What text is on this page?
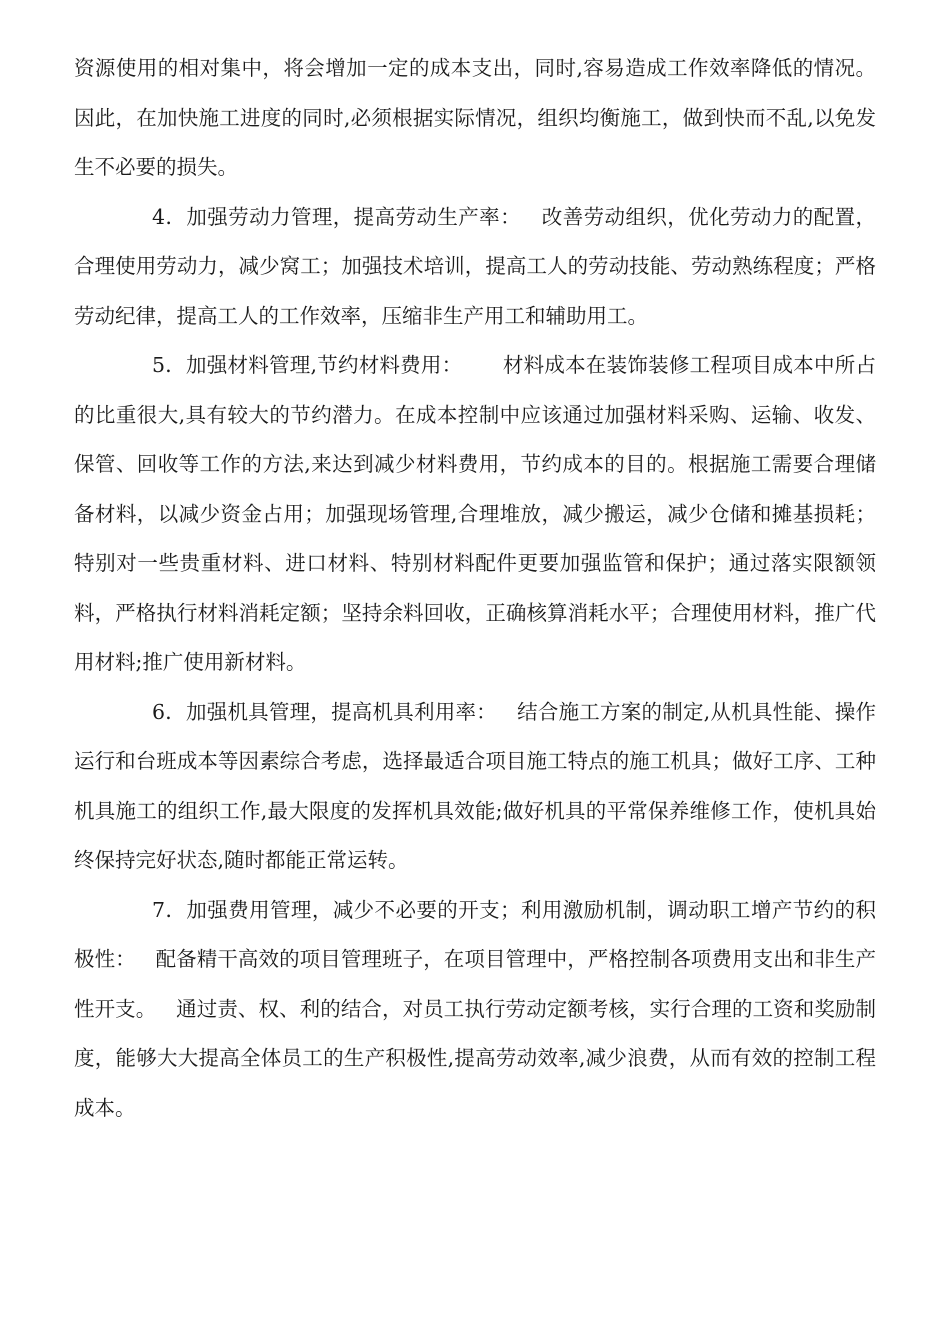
资源使用的相对集中，将会增加一定的成本支出，同时,容易造成工作效率降低的情况。因此，在加快施工进度的同时,必须根据实际情况，组织均衡施工，做到快而不乱,以免发生不必要的损失。

4．加强劳动力管理，提高劳动生产率：   改善劳动组织，优化劳动力的配置，合理使用劳动力，减少窝工；加强技术培训，提高工人的劳动技能、劳动熟练程度；严格劳动纪律，提高工人的工作效率，压缩非生产用工和辅助用工。

5．加强材料管理,节约材料费用：      材料成本在装饰装修工程项目成本中所占的比重很大,具有较大的节约潜力。在成本控制中应该通过加强材料采购、运输、收发、保管、回收等工作的方法,来达到减少材料费用，节约成本的目的。根据施工需要合理储备材料，以减少资金占用；加强现场管理,合理堆放，减少搬运，减少仓储和摊基损耗；特别对一些贵重材料、进口材料、特别材料配件更要加强监管和保护；通过落实限额领料，严格执行材料消耗定额；坚持余料回收，正确核算消耗水平；合理使用材料，推广代用材料;推广使用新材料。

6．加强机具管理，提高机具利用率：   结合施工方案的制定,从机具性能、操作运行和台班成本等因素综合考虑，选择最适合项目施工特点的施工机具；做好工序、工种机具施工的组织工作,最大限度的发挥机具效能;做好机具的平常保养维修工作，使机具始终保持完好状态,随时都能正常运转。

7．加强费用管理，减少不必要的开支；利用激励机制，调动职工增产节约的积极性：   配备精干高效的项目管理班子，在项目管理中，严格控制各项费用支出和非生产性开支。   通过责、权、利的结合，对员工执行劳动定额考核，实行合理的工资和奖励制度，能够大大提高全体员工的生产积极性,提高劳动效率,减少浪费，从而有效的控制工程成本。
